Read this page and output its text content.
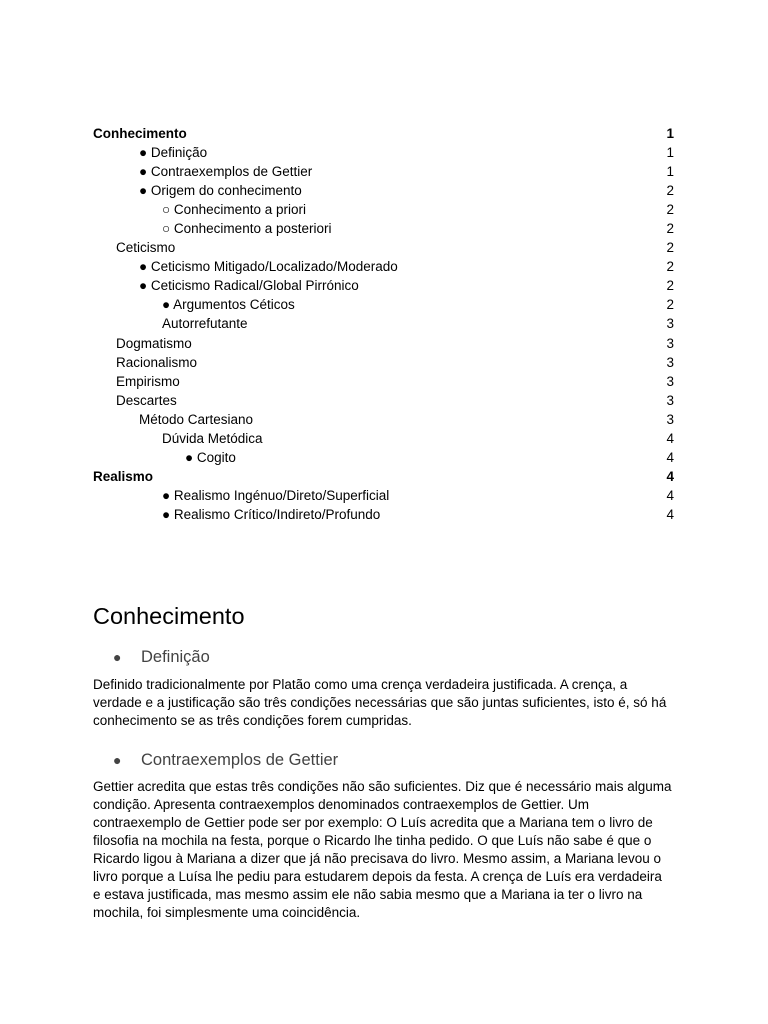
Conhecimento	1
● Definição	1
● Contraexemplos de Gettier	1
● Origem do conhecimento	2
○ Conhecimento a priori	2
○ Conhecimento a posteriori	2
Ceticismo	2
● Ceticismo Mitigado/Localizado/Moderado	2
● Ceticismo Radical/Global Pirrónico	2
● Argumentos Céticos	2
Autorrefutante	3
Dogmatismo	3
Racionalismo	3
Empirismo	3
Descartes	3
Método Cartesiano	3
Dúvida Metódica	4
● Cogito	4
Realismo	4
● Realismo Ingénuo/Direto/Superficial	4
● Realismo Crítico/Indireto/Profundo	4
Conhecimento
●	Definição

Definido tradicionalmente por Platão como uma crença verdadeira justificada. A crença, a verdade e a justificação são três condições necessárias que são juntas suficientes, isto é, só há conhecimento se as três condições forem cumpridas.

●	Contraexemplos de Gettier

Gettier acredita que estas três condições não são suficientes. Diz que é necessário mais alguma condição. Apresenta contraexemplos denominados contraexemplos de Gettier. Um contraexemplo de Gettier pode ser por exemplo: O Luís acredita que a Mariana tem o livro de filosofia na mochila na festa, porque o Ricardo lhe tinha pedido. O que Luís não sabe é que o Ricardo ligou à Mariana a dizer que já não precisava do livro. Mesmo assim, a Mariana levou o livro porque a Luísa lhe pediu para estudarem depois da festa. A crença de Luís era verdadeira e estava justificada, mas mesmo assim ele não sabia mesmo que a Mariana ia ter o livro na mochila, foi simplesmente uma coincidência.
